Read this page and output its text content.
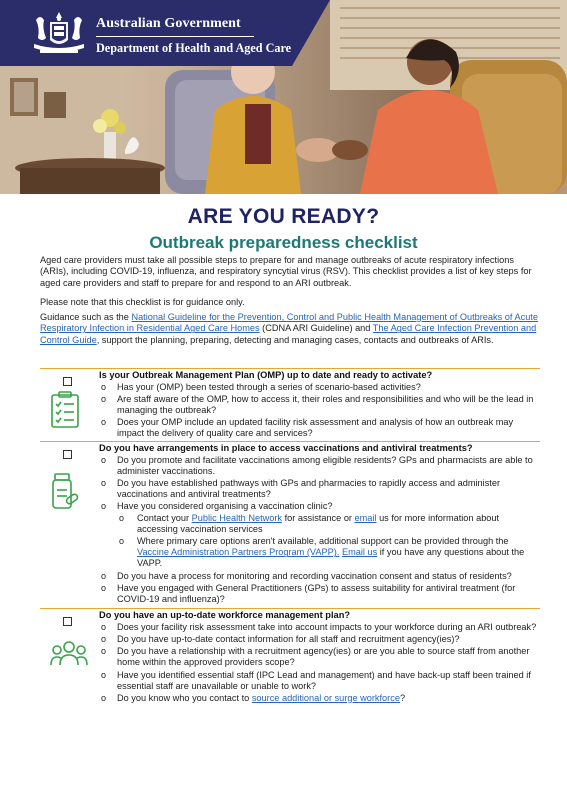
Australian Government
Department of Health and Aged Care
ARE YOU READY?
Outbreak preparedness checklist

Aged care providers must take all possible steps to prepare for and manage outbreaks of acute respiratory infections (ARIs), including COVID-19, influenza, and respiratory syncytial virus (RSV). This checklist provides a list of key steps for aged care providers and staff to prepare for and respond to an ARI outbreak.

Please note that this checklist is for guidance only.

Guidance such as the National Guideline for the Prevention, Control and Public Health Management of Outbreaks of Acute Respiratory Infection in Residential Aged Care Homes (CDNA ARI Guideline) and The Aged Care Infection Prevention and Control Guide, support the planning, preparing, detecting and managing cases, contacts and outbreaks of ARIs.

Is your Outbreak Management Plan (OMP) up to date and ready to activate?
o Has your (OMP) been tested through a series of scenario-based activities?
o Are staff aware of the OMP, how to access it, their roles and responsibilities and who will be the lead in managing the outbreak?
o Does your OMP include an updated facility risk assessment and analysis of how an outbreak may impact the delivery of quality care and services?
Do you have arrangements in place to access vaccinations and antiviral treatments?
o Do you promote and facilitate vaccinations among eligible residents? GPs and pharmacists are able to administer vaccinations.
o Do you have established pathways with GPs and pharmacies to rapidly access and administer vaccinations and antiviral treatments?
o Have you considered organising a vaccination clinic?
o Contact your Public Health Network for assistance or email us for more information about accessing vaccination services
o Where primary care options aren't available, additional support can be provided through the Vaccine Administration Partners Program (VAPP). Email us if you have any questions about the VAPP.
o Do you have a process for monitoring and recording vaccination consent and status of residents?
o Have you engaged with General Practitioners (GPs) to assess suitability for antiviral treatment (for COVID-19 and influenza)?
Do you have an up-to-date workforce management plan?
o Does your facility risk assessment take into account impacts to your workforce during an ARI outbreak?
o Do you have up-to-date contact information for all staff and recruitment agency(ies)?
o Do you have a relationship with a recruitment agency(ies) or are you able to source staff from another home within the approved providers scope?
o Have you identified essential staff (IPC Lead and management) and have back-up staff been trained if essential staff are unavailable or unable to work?
o Do you know who you contact to source additional or surge workforce?
